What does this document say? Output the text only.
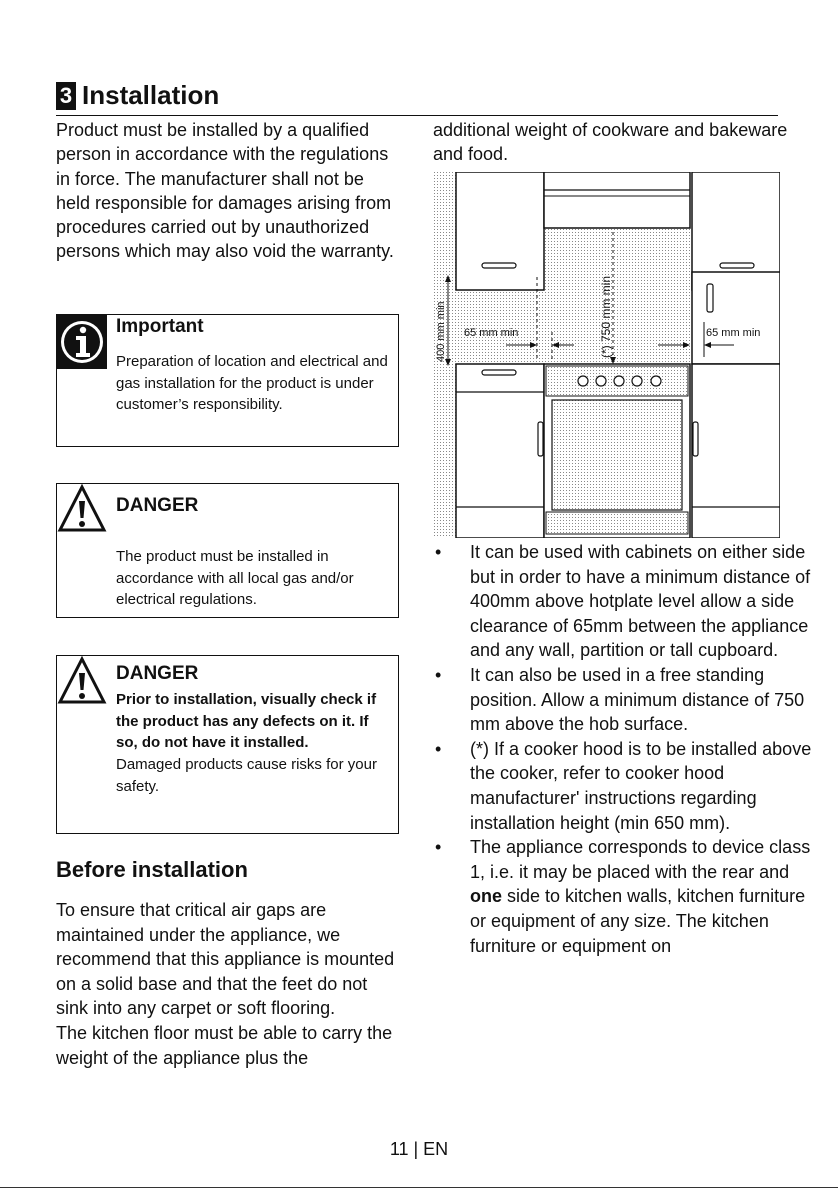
3 Installation

Product must be installed by a qualified person in accordance with the regulations in force. The manufacturer shall not be held responsible for damages arising from procedures carried out by unauthorized persons which may also void the warranty.

Important
Preparation of location and electrical and gas installation for the product is under customer’s responsibility.
DANGER
The product must be installed in accordance with all local gas and/or electrical regulations.
DANGER
Prior to installation, visually check if the product has any defects on it. If so, do not have it installed.
Damaged products cause risks for your safety.
Before installation

To ensure that critical air gaps are maintained under the appliance, we recommend that this appliance is mounted on a solid base and that the feet do not sink into any carpet or soft flooring.

The kitchen floor must be able to carry the weight of the appliance plus the

additional weight of cookware and bakeware and food.

400 mm min	(*) 750 mm min
65 mm min	65 mm min
• It can be used with cabinets on either side but in order to have a minimum distance of 400mm above hotplate level allow a side clearance of 65mm between the appliance and any wall, partition or tall cupboard.
• It can also be used in a free standing position. Allow a minimum distance of 750 mm above the hob surface.
• (*) If a cooker hood is to be installed above the cooker, refer to cooker hood manufacturer' instructions regarding installation height (min 650 mm).
• The appliance corresponds to device class 1, i.e. it may be placed with the rear and one side to kitchen walls, kitchen furniture or equipment of any size. The kitchen furniture or equipment on
11 | EN
